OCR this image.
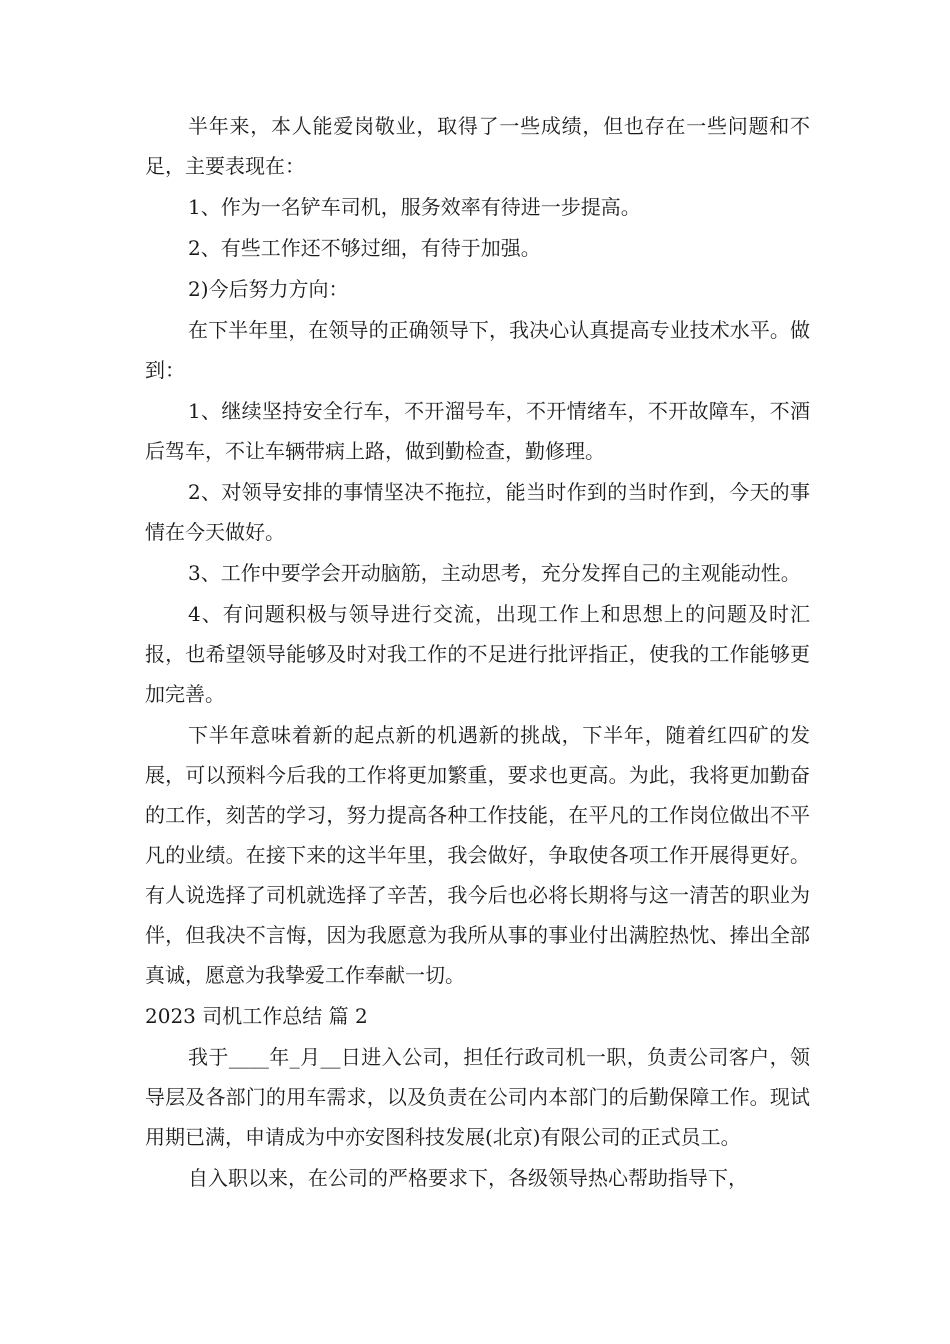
半年来，本人能爱岗敬业，取得了一些成绩，但也存在一些问题和不足，主要表现在：

1、作为一名铲车司机，服务效率有待进一步提高。

2、有些工作还不够过细，有待于加强。

2)今后努力方向：

在下半年里，在领导的正确领导下，我决心认真提高专业技术水平。做到：

1、继续坚持安全行车，不开溜号车，不开情绪车，不开故障车，不酒后驾车，不让车辆带病上路，做到勤检查，勤修理。

2、对领导安排的事情坚决不拖拉，能当时作到的当时作到，今天的事情在今天做好。

3、工作中要学会开动脑筋，主动思考，充分发挥自己的主观能动性。

4、有问题积极与领导进行交流，出现工作上和思想上的问题及时汇报，也希望领导能够及时对我工作的不足进行批评指正，使我的工作能够更加完善。

下半年意味着新的起点新的机遇新的挑战，下半年，随着红四矿的发展，可以预料今后我的工作将更加繁重，要求也更高。为此，我将更加勤奋的工作，刻苦的学习，努力提高各种工作技能，在平凡的工作岗位做出不平凡的业绩。在接下来的这半年里，我会做好，争取使各项工作开展得更好。有人说选择了司机就选择了辛苦，我今后也必将长期将与这一清苦的职业为伴，但我决不言悔，因为我愿意为我所从事的事业付出满腔热忱、捧出全部真诚，愿意为我挚爱工作奉献一切。

2023 司机工作总结 篇 2

我于____年_月__日进入公司，担任行政司机一职，负责公司客户，领导层及各部门的用车需求，以及负责在公司内本部门的后勤保障工作。现试用期已满，申请成为中亦安图科技发展(北京)有限公司的正式员工。

自入职以来，在公司的严格要求下，各级领导热心帮助指导下，
